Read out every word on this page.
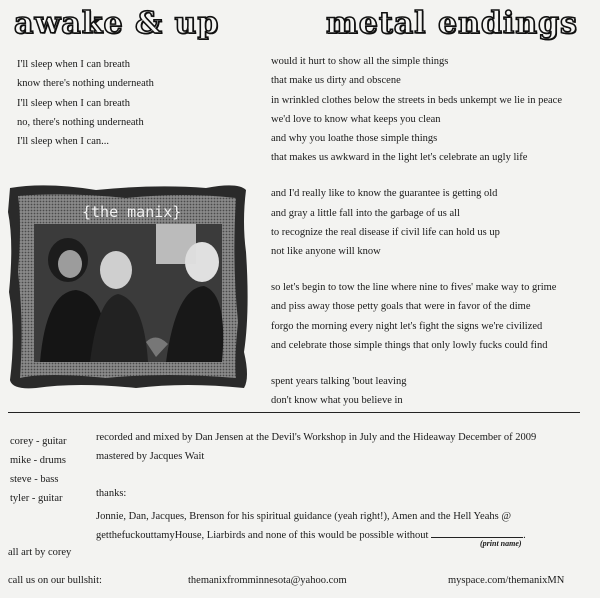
awake & up	metal endings
I'll sleep when I can breath
know there's nothing underneath
I'll sleep when I can breath
no, there's nothing underneath
I'll sleep when I can...
would it hurt to show all the simple things
that make us dirty and obscene
in wrinkled clothes below the streets in beds unkempt we lie in peace
we'd love to know what keeps you clean
and why you loathe those simple things
that makes us awkward in the light let's celebrate an ugly life
and I'd really like to know the guarantee is getting old
and gray a little fall into the garbage of us all
to recognize the real disease if civil life can hold us up
not like anyone will know
so let's begin to tow the line where nine to fives' make way to grime
and piss away those petty goals that were in favor of the dime
forgo the morning every night let's fight the signs we're civilized
and celebrate those simple things that only lowly fucks could find
spent years talking 'bout leaving
don't know what you believe in
{the manix}
corey - guitar
mike - drums
steve - bass
tyler - guitar

recorded and mixed by Dan Jensen at the Devil's Workshop in July and the Hideaway December of 2009

mastered by Jacques Wait

thanks:

Jonnie, Dan, Jacques, Brenson for his spiritual guidance (yeah right!), Amen and the Hell Yeahs @ getthefuckouttamyHouse, Liarbirds and none of this would be possible without	.

(print name)
all art by corey
call us on our bullshit:	themanixfromminnesota@yahoo.com	myspace.com/themanixMN
